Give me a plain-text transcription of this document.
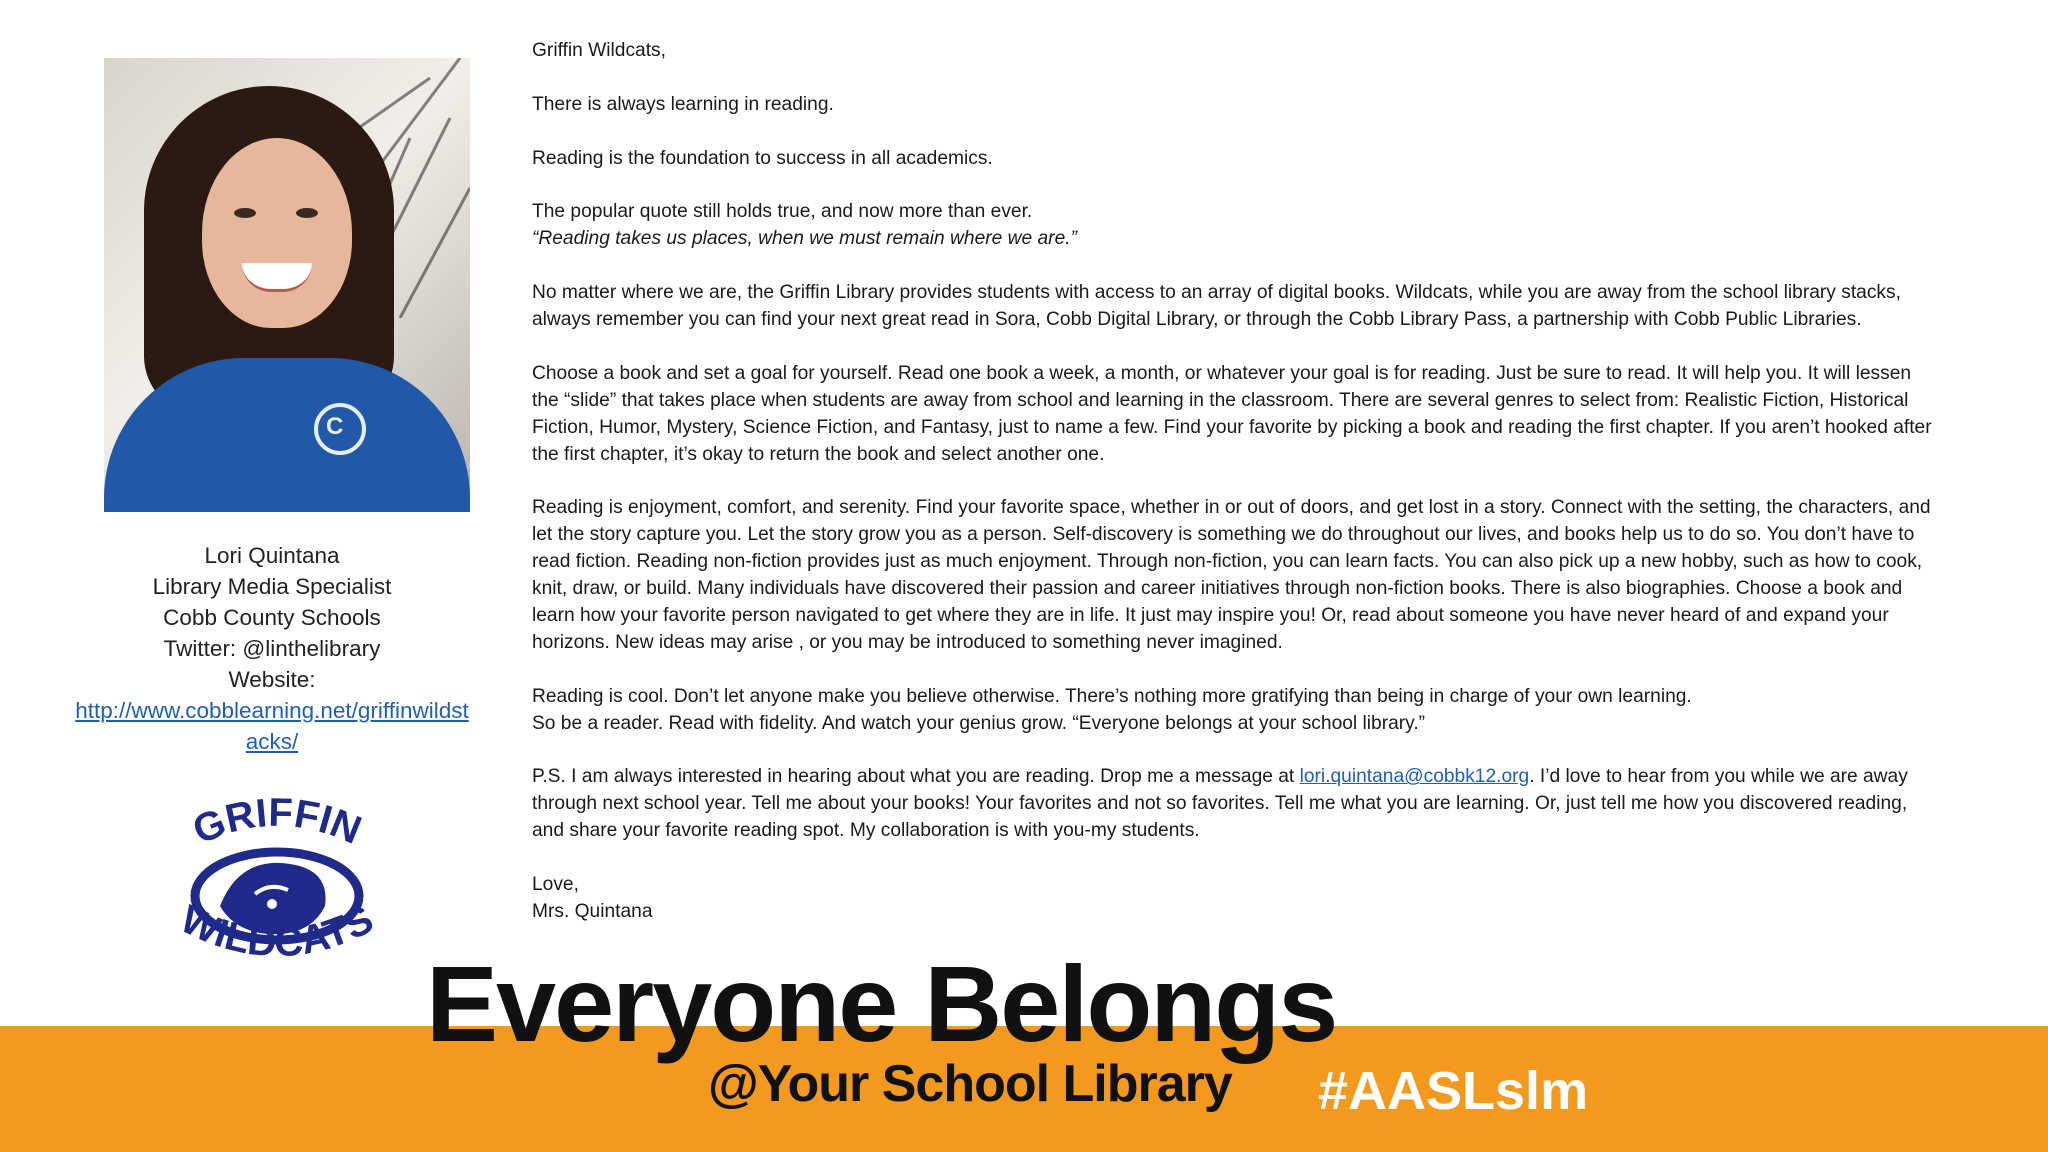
C
Lori Quintana
Library Media Specialist
Cobb County Schools
Twitter: @linthelibrary
Website:
http://www.cobblearning.net/griffinwildstacks/
GRIFFIN
WILDCATS

Griffin Wildcats,

There is always learning in reading.

Reading is the foundation to success in all academics.

The popular quote still holds true, and now more than ever.

“Reading takes us places, when we must remain where we are.”

No matter where we are, the Griffin Library provides students with access to an array of digital books. Wildcats, while you are away from the school library stacks, always remember you can find your next great read in Sora, Cobb Digital Library, or through the Cobb Library Pass, a partnership with Cobb Public Libraries.

Choose a book and set a goal for yourself. Read one book a week, a month, or whatever your goal is for reading. Just be sure to read. It will help you. It will lessen the “slide” that takes place when students are away from school and learning in the classroom. There are several genres to select from: Realistic Fiction, Historical Fiction, Humor, Mystery, Science Fiction, and Fantasy, just to name a few. Find your favorite by picking a book and reading the first chapter. If you aren’t hooked after the first chapter, it’s okay to return the book and select another one.

Reading is enjoyment, comfort, and serenity. Find your favorite space, whether in or out of doors, and get lost in a story. Connect with the setting, the characters, and let the story capture you. Let the story grow you as a person. Self-discovery is something we do throughout our lives, and books help us to do so. You don’t have to read fiction. Reading non-fiction provides just as much enjoyment. Through non-fiction, you can learn facts. You can also pick up a new hobby, such as how to cook, knit, draw, or build. Many individuals have discovered their passion and career initiatives through non-fiction books. There is also biographies. Choose a book and learn how your favorite person navigated to get where they are in life. It just may inspire you! Or, read about someone you have never heard of and expand your horizons. New ideas may arise , or you may be introduced to something never imagined.

Reading is cool. Don’t let anyone make you believe otherwise. There’s nothing more gratifying than being in charge of your own learning.

So be a reader. Read with fidelity. And watch your genius grow. “Everyone belongs at your school library.”

P.S. I am always interested in hearing about what you are reading. Drop me a message at lori.quintana@cobbk12.org. I’d love to hear from you while we are away through next school year. Tell me about your books! Your favorites and not so favorites. Tell me what you are learning. Or, just tell me how you discovered reading, and share your favorite reading spot. My collaboration is with you-my students.

Love,

Mrs. Quintana

Everyone Belongs
@Your School Library #AASLslm
